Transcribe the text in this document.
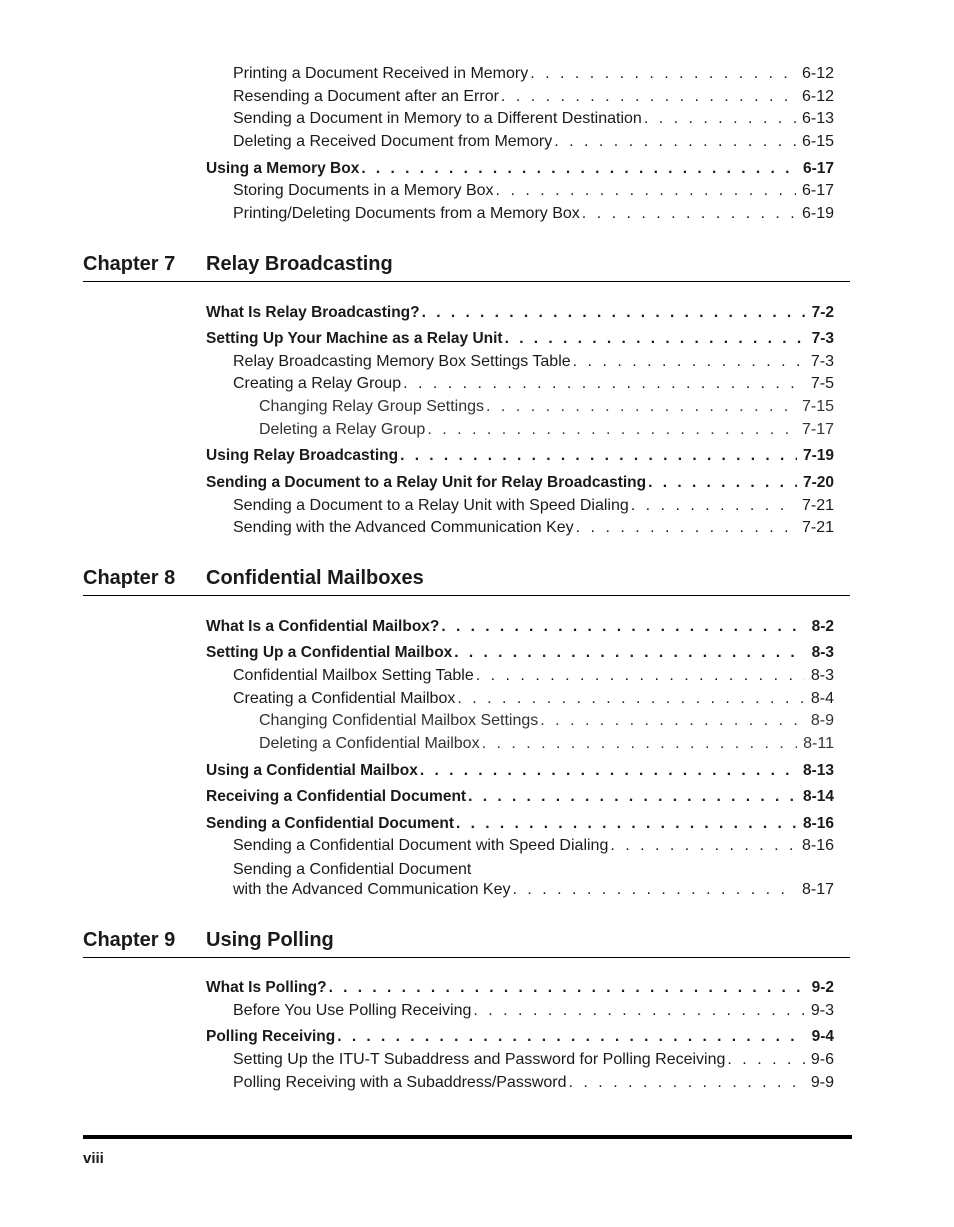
Printing a Document Received in Memory . . .	6-12
Resending a Document after an Error . . .	6-12
Sending a Document in Memory to a Different Destination . . .	6-13
Deleting a Received Document from Memory . . .	6-15
Using a Memory Box . . .	6-17
Storing Documents in a Memory Box . . .	6-17
Printing/Deleting Documents from a Memory Box . . .	6-19
Chapter 7 Relay Broadcasting
What Is Relay Broadcasting? . . .	7-2
Setting Up Your Machine as a Relay Unit . . .	7-3
Relay Broadcasting Memory Box Settings Table . . .	7-3
Creating a Relay Group . . .	7-5
Changing Relay Group Settings . . .	7-15
Deleting a Relay Group . . .	7-17
Using Relay Broadcasting . . .	7-19
Sending a Document to a Relay Unit for Relay Broadcasting . . .	7-20
Sending a Document to a Relay Unit with Speed Dialing . . .	7-21
Sending with the Advanced Communication Key . . .	7-21
Chapter 8 Confidential Mailboxes
What Is a Confidential Mailbox? . . .	8-2
Setting Up a Confidential Mailbox . . .	8-3
Confidential Mailbox Setting Table . . .	8-3
Creating a Confidential Mailbox . . .	8-4
Changing Confidential Mailbox Settings . . .	8-9
Deleting a Confidential Mailbox . . .	8-11
Using a Confidential Mailbox . . .	8-13
Receiving a Confidential Document . . .	8-14
Sending a Confidential Document . . .	8-16
Sending a Confidential Document with Speed Dialing . . .	8-16
Sending a Confidential Document
with the Advanced Communication Key . . .	8-17
Chapter 9 Using Polling
What Is Polling? . . .	9-2
Before You Use Polling Receiving . . .	9-3
Polling Receiving . . .	9-4
Setting Up the ITU-T Subaddress and Password for Polling Receiving . . .	9-6
Polling Receiving with a Subaddress/Password . . .	9-9
viii
